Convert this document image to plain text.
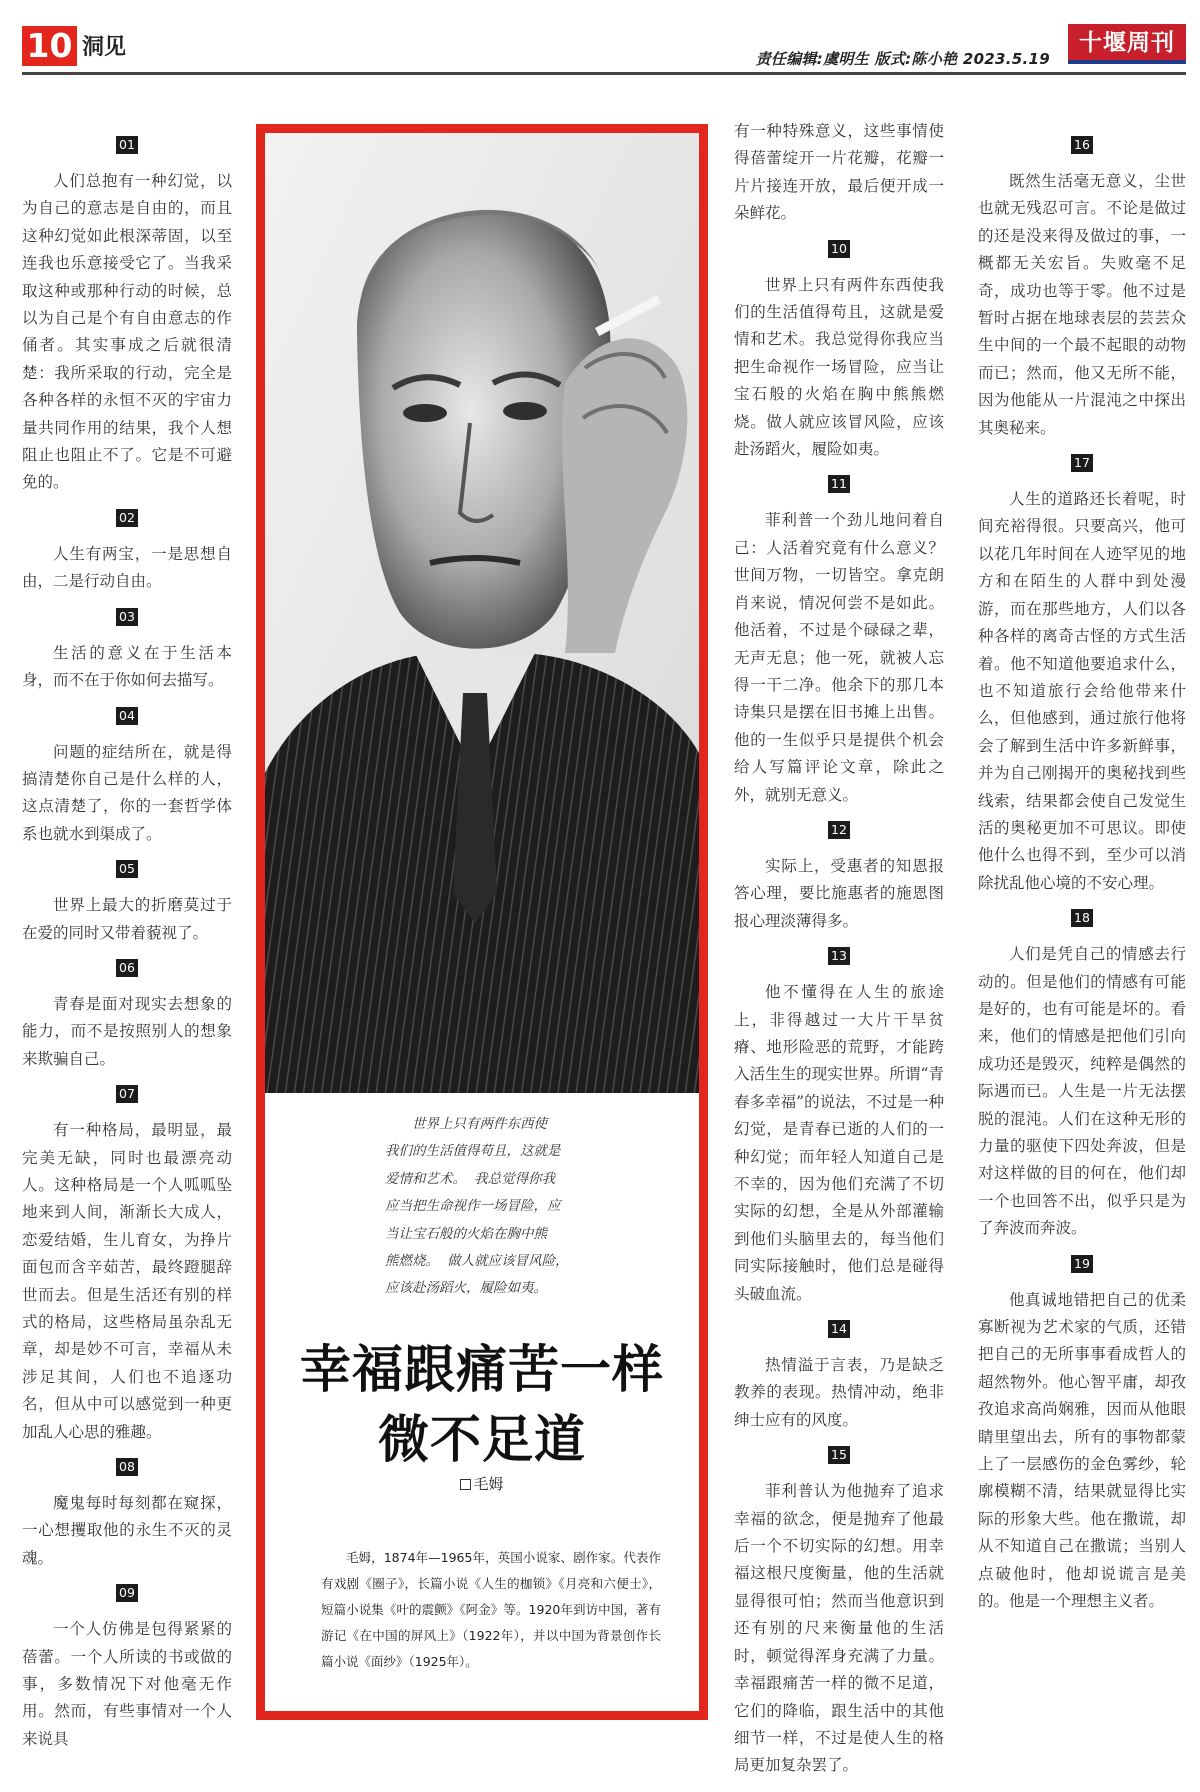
10 洞见	责任编辑:虞明生 版式:陈小艳 2023.5.19
十堰周刊
01

人们总抱有一种幻觉，以为自己的意志是自由的，而且这种幻觉如此根深蒂固，以至连我也乐意接受它了。当我采取这种或那种行动的时候，总以为自己是个有自由意志的作俑者。其实事成之后就很清楚：我所采取的行动，完全是各种各样的永恒不灭的宇宙力量共同作用的结果，我个人想阻止也阻止不了。它是不可避免的。

02

人生有两宝，一是思想自由，二是行动自由。

03

生活的意义在于生活本身，而不在于你如何去描写。

04

问题的症结所在，就是得搞清楚你自己是什么样的人，这点清楚了，你的一套哲学体系也就水到渠成了。

05

世界上最大的折磨莫过于在爱的同时又带着藐视了。

06

青春是面对现实去想象的能力，而不是按照别人的想象来欺骗自己。

07

有一种格局，最明显，最完美无缺，同时也最漂亮动人。这种格局是一个人呱呱坠地来到人间，渐渐长大成人，恋爱结婚，生儿育女，为挣片面包而含辛茹苦，最终蹬腿辞世而去。但是生活还有别的样式的格局，这些格局虽杂乱无章，却是妙不可言，幸福从未涉足其间，人们也不追逐功名，但从中可以感觉到一种更加乱人心思的雅趣。

08

魔鬼每时每刻都在窥探，一心想攫取他的永生不灭的灵魂。

09

一个人仿佛是包得紧紧的蓓蕾。一个人所读的书或做的事，多数情况下对他毫无作用。然而，有些事情对一个人来说具

世界上只有两件东西使
我们的生活值得苟且，这就是
爱情和艺术。 我总觉得你我
应当把生命视作一场冒险，应
当让宝石般的火焰在胸中熊
熊燃烧。 做人就应该冒风险，
应该赴汤蹈火，履险如夷。
幸福跟痛苦一样
微不足道
毛姆

毛姆，1874年—1965年，英国小说家、剧作家。代表作有戏剧《圈子》，长篇小说《人生的枷锁》《月亮和六便士》，短篇小说集《叶的震颤》《阿金》等。1920年到访中国，著有游记《在中国的屏风上》（1922年），并以中国为背景创作长篇小说《面纱》（1925年）。

有一种特殊意义，这些事情使得蓓蕾绽开一片花瓣，花瓣一片片接连开放，最后便开成一朵鲜花。

10

世界上只有两件东西使我们的生活值得苟且，这就是爱情和艺术。我总觉得你我应当把生命视作一场冒险，应当让宝石般的火焰在胸中熊熊燃烧。做人就应该冒风险，应该赴汤蹈火，履险如夷。

11

菲利普一个劲儿地问着自己：人活着究竟有什么意义？世间万物，一切皆空。拿克朗肖来说，情况何尝不是如此。他活着，不过是个碌碌之辈，无声无息；他一死，就被人忘得一干二净。他余下的那几本诗集只是摆在旧书摊上出售。他的一生似乎只是提供个机会给人写篇评论文章，除此之外，就别无意义。

12

实际上，受惠者的知恩报答心理，要比施惠者的施恩图报心理淡薄得多。

13

他不懂得在人生的旅途上，非得越过一大片干旱贫瘠、地形险恶的荒野，才能跨入活生生的现实世界。所谓“青春多幸福”的说法，不过是一种幻觉，是青春已逝的人们的一种幻觉；而年轻人知道自己是不幸的，因为他们充满了不切实际的幻想，全是从外部灌输到他们头脑里去的，每当他们同实际接触时，他们总是碰得头破血流。

14

热情溢于言表，乃是缺乏教养的表现。热情冲动，绝非绅士应有的风度。

15

菲利普认为他抛弃了追求幸福的欲念，便是抛弃了他最后一个不切实际的幻想。用幸福这根尺度衡量，他的生活就显得很可怕；然而当他意识到还有别的尺来衡量他的生活时，顿觉得浑身充满了力量。幸福跟痛苦一样的微不足道，它们的降临，跟生活中的其他细节一样，不过是使人生的格局更加复杂罢了。

16

既然生活毫无意义，尘世也就无残忍可言。不论是做过的还是没来得及做过的事，一概都无关宏旨。失败毫不足奇，成功也等于零。他不过是暂时占据在地球表层的芸芸众生中间的一个最不起眼的动物而已；然而，他又无所不能，因为他能从一片混沌之中探出其奥秘来。

17

人生的道路还长着呢，时间充裕得很。只要高兴，他可以花几年时间在人迹罕见的地方和在陌生的人群中到处漫游，而在那些地方，人们以各种各样的离奇古怪的方式生活着。他不知道他要追求什么，也不知道旅行会给他带来什么，但他感到，通过旅行他将会了解到生活中许多新鲜事，并为自己刚揭开的奥秘找到些线索，结果都会使自己发觉生活的奥秘更加不可思议。即使他什么也得不到，至少可以消除扰乱他心境的不安心理。

18

人们是凭自己的情感去行动的。但是他们的情感有可能是好的，也有可能是坏的。看来，他们的情感是把他们引向成功还是毁灭，纯粹是偶然的际遇而已。人生是一片无法摆脱的混沌。人们在这种无形的力量的驱使下四处奔波，但是对这样做的目的何在，他们却一个也回答不出，似乎只是为了奔波而奔波。

19

他真诚地错把自己的优柔寡断视为艺术家的气质，还错把自己的无所事事看成哲人的超然物外。他心智平庸，却孜孜追求高尚娴雅，因而从他眼睛里望出去，所有的事物都蒙上了一层感伤的金色雾纱，轮廓模糊不清，结果就显得比实际的形象大些。他在撒谎，却从不知道自己在撒谎；当别人点破他时，他却说谎言是美的。他是一个理想主义者。
